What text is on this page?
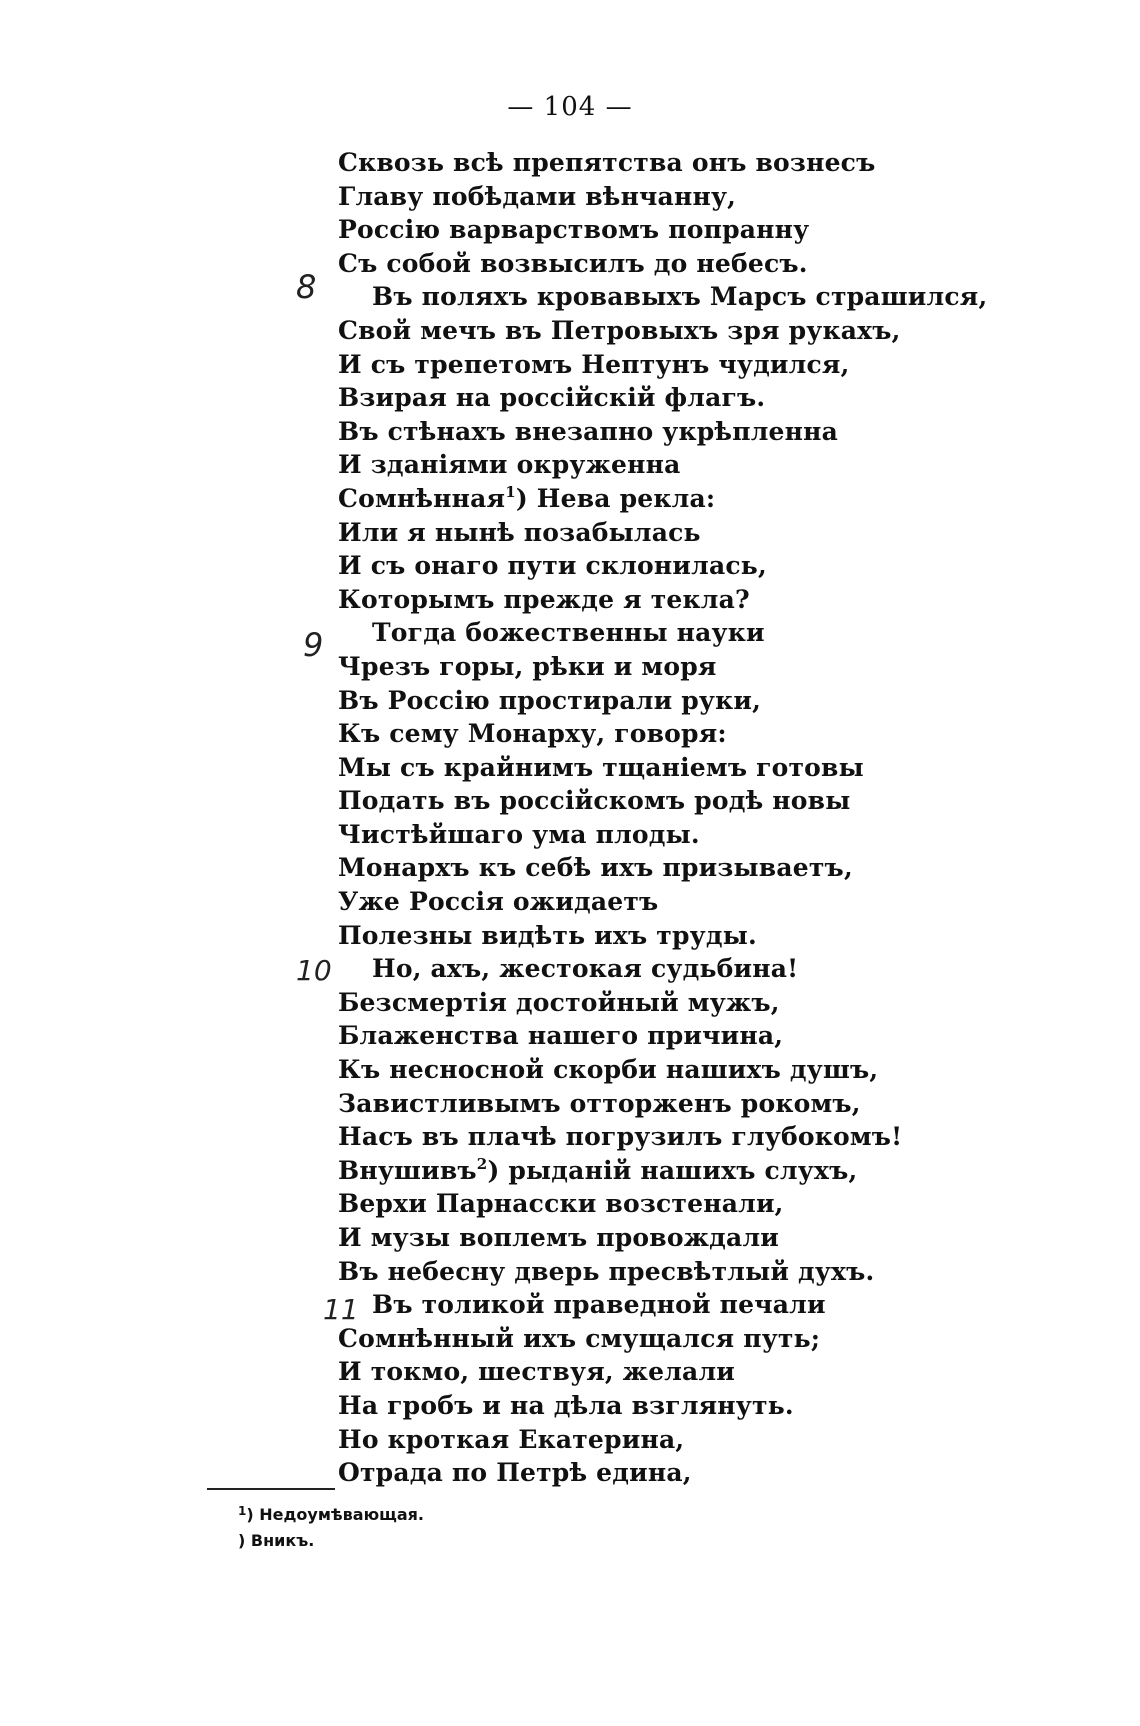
— 104 —
Сквозь всѣ препятства онъ вознесъ
Главу побѣдами вѣнчанну,
Россію варварствомъ попранну
Съ собой возвысилъ до небесъ.
Въ поляхъ кровавыхъ Марсъ страшился,
Свой мечъ въ Петровыхъ зря рукахъ,
И съ трепетомъ Нептунъ чудился,
Взирая на россійскій флагъ.
Въ стѣнахъ внезапно укрѣпленна
И зданіями окруженна
Сомнѣнная$^1$) Нева рекла:
Или я нынѣ позабылась
И съ онаго пути склонилась,
Которымъ прежде я текла?
Тогда божественны науки
Чрезъ горы, рѣки и моря
Въ Россію простирали руки,
Къ сему Монарху, говоря:
Мы съ крайнимъ тщаніемъ готовы
Подать въ россійскомъ родѣ новы
Чистѣйшаго ума плоды.
Монархъ къ себѣ ихъ призываетъ,
Уже Россія ожидаетъ
Полезны видѣть ихъ труды.
Но, ахъ, жестокая судьбина!
Безсмертія достойный мужъ,
Блаженства нашего причина,
Къ несносной скорби нашихъ душъ,
Завистливымъ отторженъ рокомъ,
Насъ въ плачѣ погрузилъ глубокомъ!
Внушивъ$^2$) рыданій нашихъ слухъ,
Верхи Парнасски возстенали,
И музы воплемъ провождали
Въ небесну дверь пресвѣтлый духъ.
Въ толикой праведной печали
Сомнѣнный ихъ смущался путь;
И токмо, шествуя, желали
На гробъ и на дѣла взглянуть.
Но кроткая Екатерина,
Отрада по Петрѣ едина,
8
9
10
11
$^1$) Недоумѣвающая.
) Вникъ.
